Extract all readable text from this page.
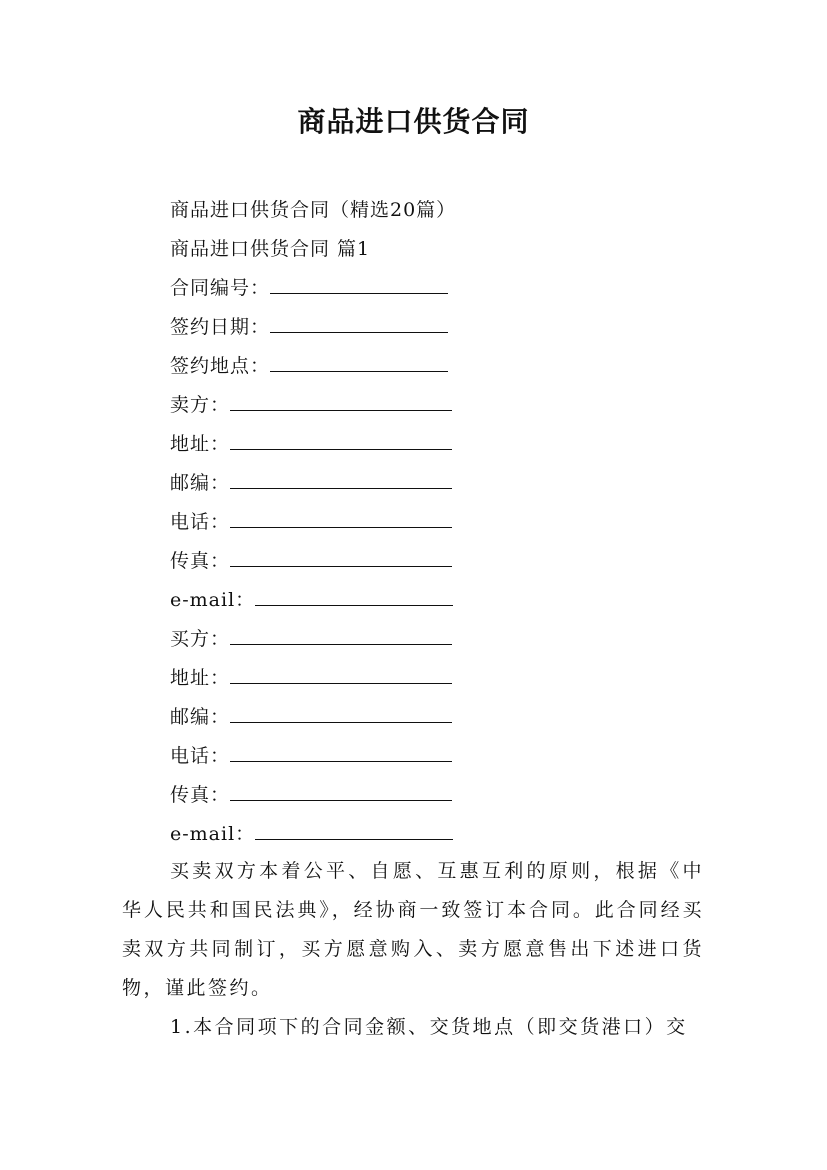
商品进口供货合同
商品进口供货合同（精选20篇）
商品进口供货合同 篇1
合同编号：
签约日期：
签约地点：
卖方：
地址：
邮编：
电话：
传真：
e-mail：
买方：
地址：
邮编：
电话：
传真：
e-mail：
买卖双方本着公平、自愿、互惠互利的原则，根据《中华人民共和国民法典》，经协商一致签订本合同。此合同经买卖双方共同制订，买方愿意购入、卖方愿意售出下述进口货物，谨此签约。
1.本合同项下的合同金额、交货地点（即交货港口）交
